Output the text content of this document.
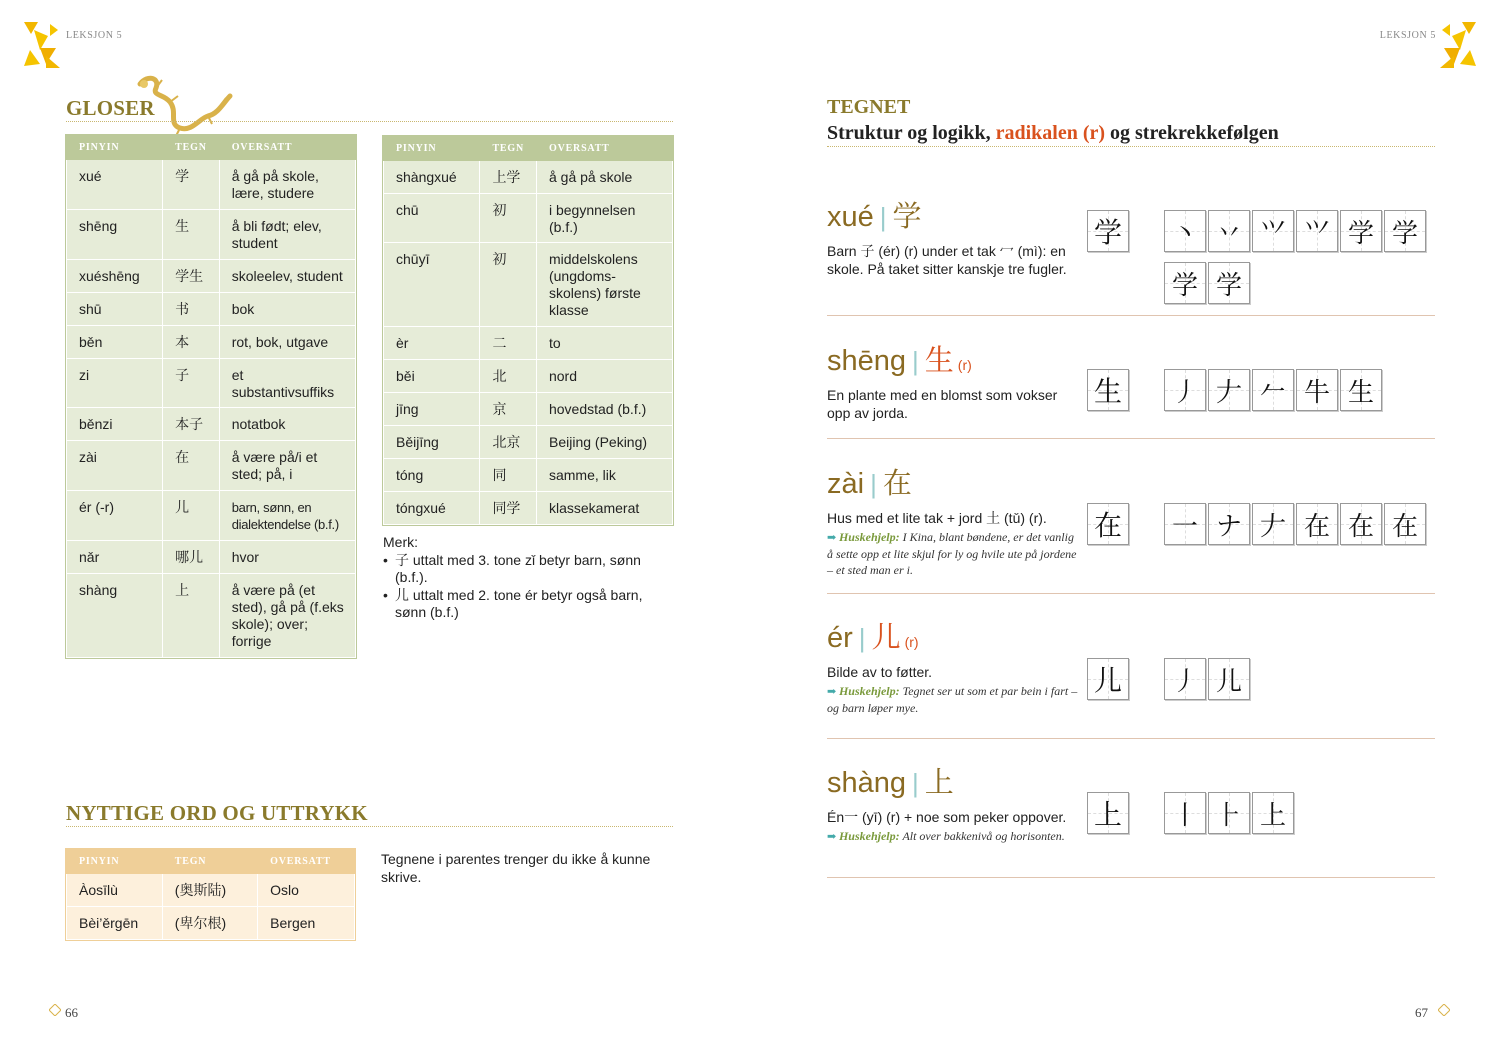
LEKSJON 5	LEKSJON 5
GLOSER
PINYIN	TEGN	OVERSATT
xué	学	å gå på skole, lære, studere
shēng	生	å bli født; elev, student
xuéshēng	学生	skoleelev, student
shū	书	bok
běn	本	rot, bok, utgave
zi	子	et substantivsuffiks
běnzi	本子	notatbok
zài	在	å være på/i et sted; på, i
ér (-r)	儿	barn, sønn, en dialektendelse (b.f.)
nǎr	哪儿	hvor
shàng	上	å være på (et sted), gå på (f.eks skole); over; forrige
PINYIN	TEGN	OVERSATT
shàngxué	上学	å gå på skole
chū	初	i begynnelsen (b.f.)
chūyī	初	middelskolens (ungdoms-skolens) første klasse
èr	二	to
běi	北	nord
jīng	京	hovedstad (b.f.)
Běijīng	北京	Beijing (Peking)
tóng	同	samme, lik
tóngxué	同学	klassekamerat
Merk:
• 子 uttalt med 3. tone zǐ betyr barn, sønn (b.f.).
• 儿 uttalt med 2. tone ér betyr også barn, sønn (b.f.)
NYTTIGE ORD OG UTTRYKK
PINYIN	TEGN	OVERSATT
Àosīlù	(奥斯陆)	Oslo
Bèi’ěrgēn	(卑尔根)	Bergen
Tegnene i parentes trenger du ikke å kunne skrive.
TEGNET
Struktur og logikk, radikalen (r) og strekrekkefølgen
xué | 学
Barn 子 (ér) (r) under et tak 冖 (mì): en skole. På taket sitter kanskje tre fugler.
shēng | 生 (r)
En plante med en blomst som vokser opp av jorda.
zài | 在
Hus med et lite tak + jord 土 (tǔ) (r).
➡ Huskehjelp: I Kina, blant bøndene, er det vanlig å sette opp et lite skjul for ly og hvile ute på jordene – et sted man er i.
ér | 儿 (r)
Bilde av to føtter.
➡ Huskehjelp: Tegnet ser ut som et par bein i fart – og barn løper mye.
shàng | 上
Én一 (yī) (r) + noe som peker oppover.
➡ Huskehjelp: Alt over bakkenivå og horisonten.
学 丶 丷 ⺍ 𭕄 学 学
学 学
生 丿 𠂇 𠂉 牛 生
在 一 ナ 𠂇 在 在 在
儿 丿 儿
上 丨 ⺊ 上
66	67
